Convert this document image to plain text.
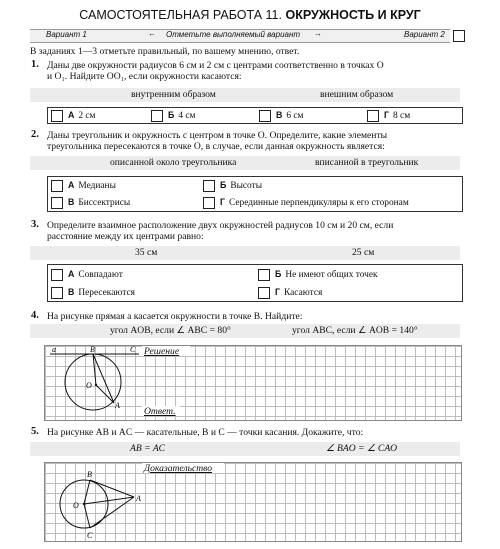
САМОСТОЯТЕЛЬНАЯ РАБОТА 11. ОКРУЖНОСТЬ И КРУГ
Вариант 1	← Отметьте выполняемый вариант →	Вариант 2
В заданиях 1—3 отметьте правильный, по вашему мнению, ответ.
1. Даны две окружности радиусов 6 см и 2 см с центрами соответственно в точках O
и O₁. Найдите OO₁, если окружности касаются:
внутренним образом	внешним образом
А 2 см	Б 4 см	В 6 см	Г 8 см
2. Даны треугольник и окружность с центром в точке O. Определите, какие элементы
треугольника пересекаются в точке O, в случае, если данная окружность является:
описанной около треугольника	вписанной в треугольник
А Медианы	Б Высоты
В Биссектрисы	Г Серединные перпендикуляры к его сторонам
3. Определите взаимное расположение двух окружностей радиусов 10 см и 20 см, если
расстояние между их центрами равно:
35 см	25 см
А Совпадают	Б Не имеют общих точек
В Пересекаются	Г Касаются
4. На рисунке прямая a касается окружности в точке B. Найдите:
угол AOB, если ∠ ABC = 80°	угол ABC, если ∠ AOB = 140°
a	B	C
O
A
Решение
Ответ.
5. На рисунке AB и AC — касательные, B и C — точки касания. Докажите, что:
AB = AC	∠ BAO = ∠ CAO
B
O
A
C
Доказательство
